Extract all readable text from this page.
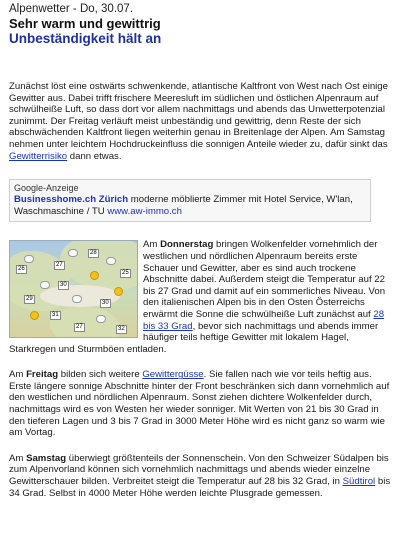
Alpenwetter - Do, 30.07.
Sehr warm und gewittrig
Unbeständigkeit hält an

Zunächst löst eine ostwärts schwenkende, atlantische Kaltfront von West nach Ost einige Gewitter aus. Dabei trifft frischere Meeresluft im südlichen und östlichen Alpenraum auf schwülheiße Luft, so dass dort vor allem nachmittags und abends das Unwetterpotenzial zunimmt. Der Freitag verläuft meist unbeständig und gewittrig, denn Reste der sich abschwächenden Kaltfront liegen weiterhin genau in Breitenlage der Alpen. Am Samstag nehmen unter leichtem Hochdruckeinfluss die sonnigen Anteile wieder zu, dafür sinkt das Gewitterrisiko dann etwas.

Google-Anzeige
Businesshome.ch Zürich moderne möblierte Zimmer mit Hotel Service, W'lan, Waschmaschine / TU www.aw-immo.ch
26
27
28
25
29
30
30
31
27	32

Am Donnerstag bringen Wolkenfelder vornehmlich der westlichen und nördlichen Alpenraum bereits erste Schauer und Gewitter, aber es sind auch trockene Abschnitte dabei. Außerdem steigt die Temperatur auf 22 bis 27 Grad und damit auf ein sommerliches Niveau. Von den italienischen Alpen bis in den Osten Österreichs erwärmt die Sonne die schwülheiße Luft zunächst auf 28 bis 33 Grad, bevor sich nachmittags und abends immer häufiger teils heftige Gewitter mit lokalem Hagel, Starkregen und Sturmböen entladen.

Am Freitag bilden sich weitere Gewittergüsse. Sie fallen nach wie vor teils heftig aus. Erste längere sonnige Abschnitte hinter der Front beschränken sich dann vornehmlich auf den westlichen und nördlichen Alpenraum. Sonst ziehen dichtere Wolkenfelder durch, nachmittags wird es von Westen her wieder sonniger. Mit Werten von 21 bis 30 Grad in den tieferen Lagen und 3 bis 7 Grad in 3000 Meter Höhe wird es nicht ganz so warm wie am Vortag.

Am Samstag überwiegt größtenteils der Sonnenschein. Von den Schweizer Südalpen bis zum Alpenvorland können sich vornehmlich nachmittags und abends wieder einzelne Gewitterschauer bilden. Verbreitet steigt die Temperatur auf 28 bis 32 Grad, in Südtirol bis 34 Grad. Selbst in 4000 Meter Höhe werden leichte Plusgrade gemessen.
